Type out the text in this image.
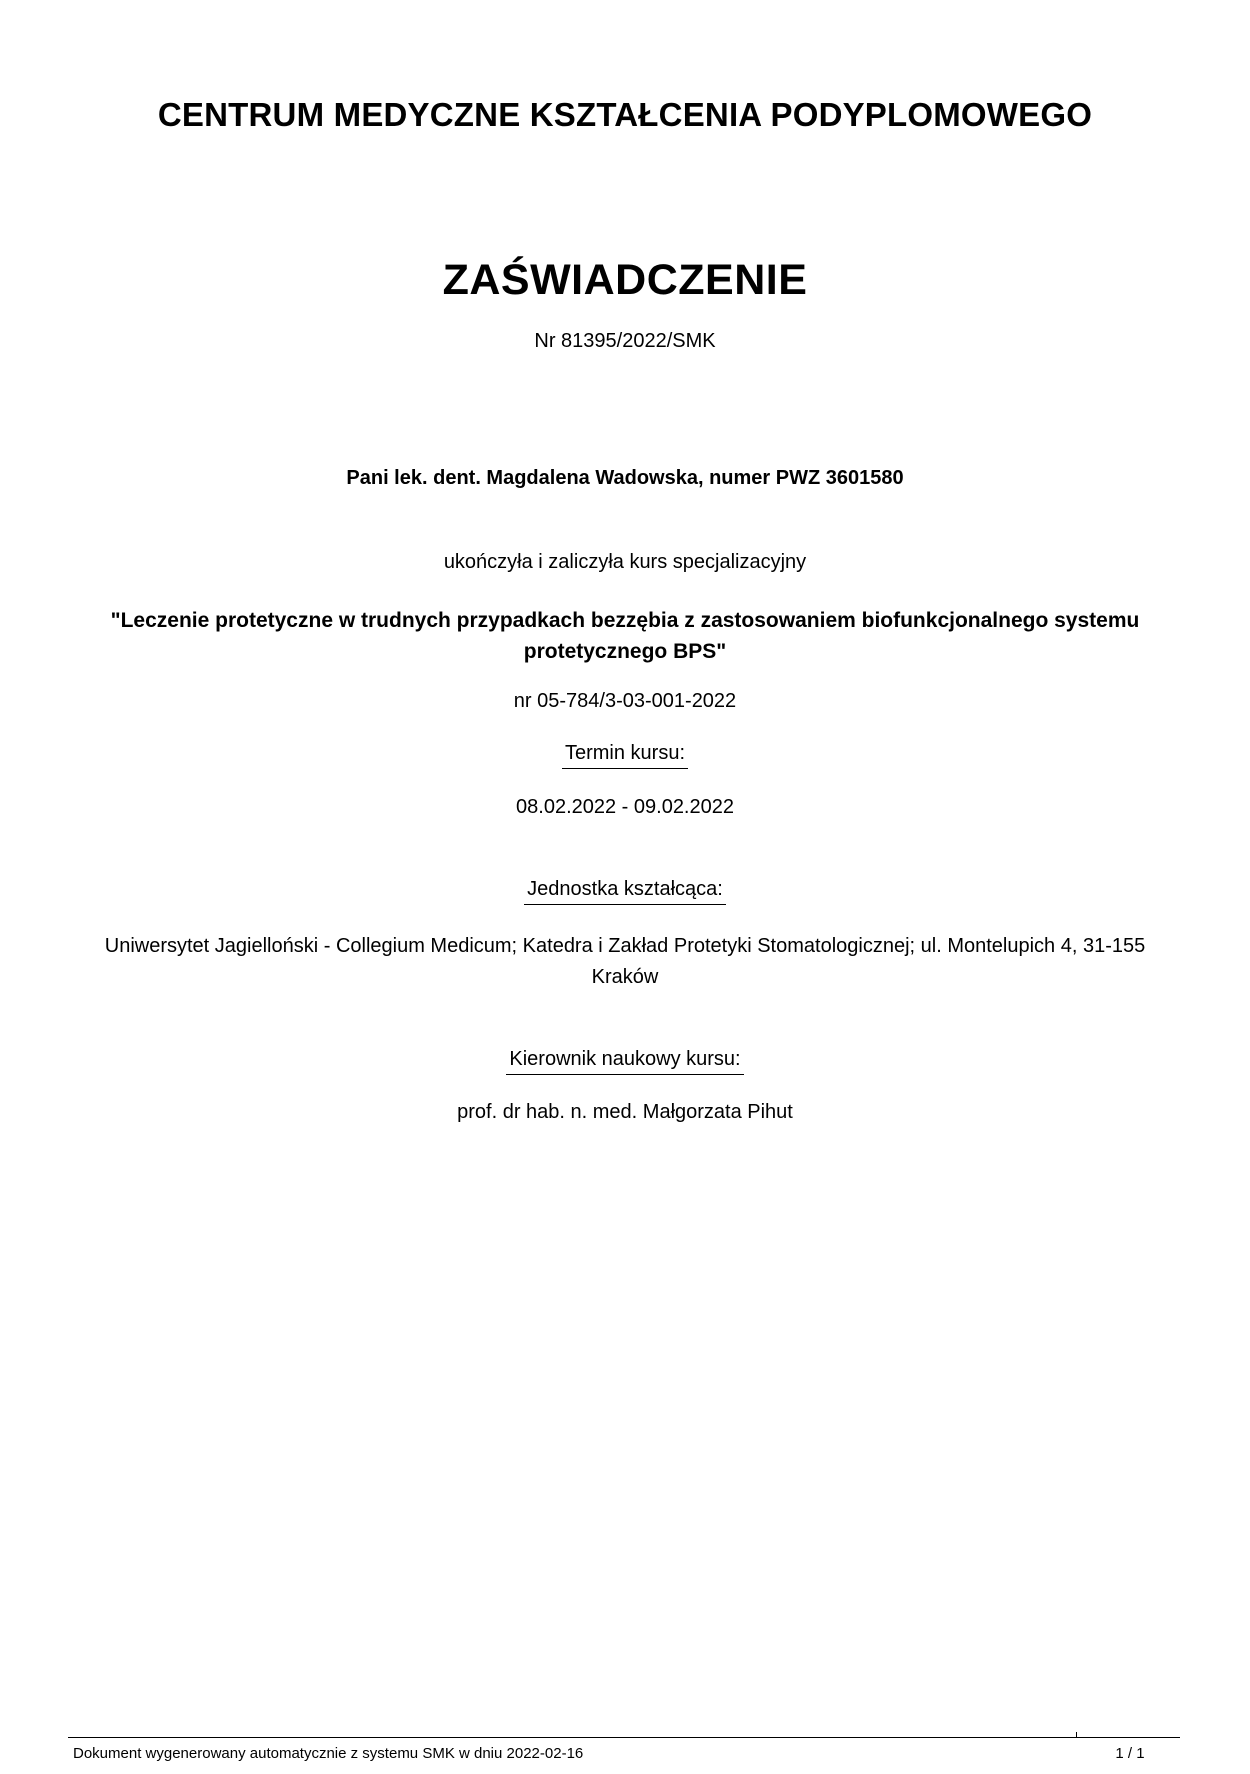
CENTRUM MEDYCZNE KSZTAŁCENIA PODYPLOMOWEGO
ZAŚWIADCZENIE
Nr 81395/2022/SMK
Pani lek. dent. Magdalena Wadowska, numer PWZ 3601580
ukończyła i zaliczyła kurs specjalizacyjny
"Leczenie protetyczne w trudnych przypadkach bezzębia z zastosowaniem biofunkcjonalnego systemu
protetycznego BPS"
nr 05-784/3-03-001-2022
Termin kursu:
08.02.2022 - 09.02.2022
Jednostka kształcąca:
Uniwersytet Jagielloński - Collegium Medicum; Katedra i Zakład Protetyki Stomatologicznej; ul. Montelupich 4, 31-155
Kraków
Kierownik naukowy kursu:
prof. dr hab. n. med. Małgorzata Pihut
Dokument wygenerowany automatycznie z systemu SMK w dniu 2022-02-16	1 / 1
